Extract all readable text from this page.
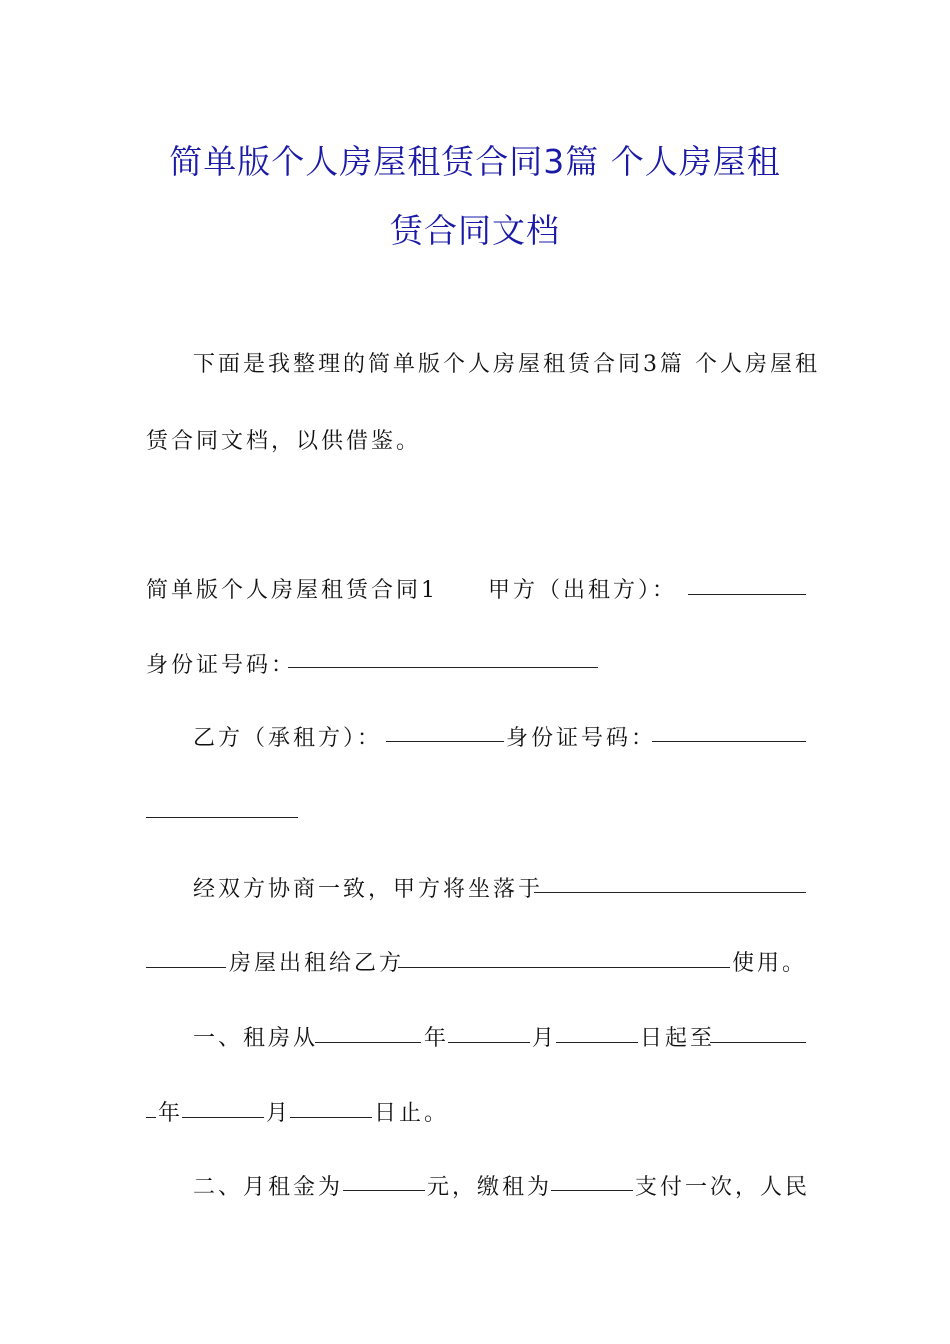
简单版个人房屋租赁合同3篇 个人房屋租
赁合同文档
下面是我整理的简单版个人房屋租赁合同3篇 个人房屋租
赁合同文档，以供借鉴。
简单版个人房屋租赁合同1 甲方（出租方）：
身份证号码：
乙方（承租方）：	身份证号码：
经双方协商一致，甲方将坐落于
房屋出租给乙方	使用。
一、租房从	年	月	日起至
年	月	日止。
二、月租金为	元，缴租为	支付一次，人民
